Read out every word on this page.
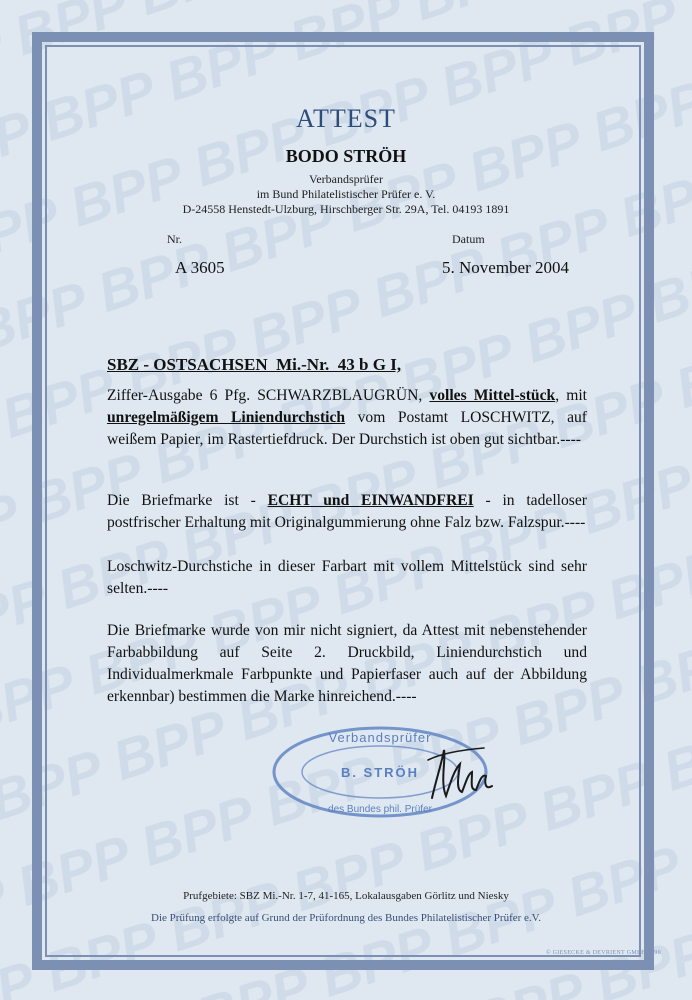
ATTEST
BODO STRÖH
Verbandsprüfer
im Bund Philatelistischer Prüfer e. V.
D-24558 Henstedt-Ulzburg, Hirschberger Str. 29A, Tel. 04193 1891
Nr.	Datum
A 3605	5. November 2004
SBZ - OSTSACHSEN  Mi.-Nr.  43 b G I,
Ziffer-Ausgabe 6 Pfg. SCHWARZBLAUGRÜN, volles Mittel-stück, mit unregelmäßigem Liniendurchstich vom Postamt LOSCHWITZ, auf weißem Papier, im Rastertiefdruck. Der Durchstich ist oben gut sichtbar.----
Die Briefmarke ist - ECHT und EINWANDFREI - in tadelloser postfrischer Erhaltung mit Originalgummierung ohne Falz bzw. Falzspur.----
Loschwitz-Durchstiche in dieser Farbart mit vollem Mittelstück sind sehr selten.----
Die Briefmarke wurde von mir nicht signiert, da Attest mit nebenstehender Farbabbildung auf Seite 2. Druckbild, Liniendurchstich und Individualmerkmale Farbpunkte und Papierfaser auch auf der Abbildung erkennbar) bestimmen die Marke hinreichend.----
Verbandsprüfer
B. STRÖH
des Bundes phil. Prüfer
Prufgebiete: SBZ Mi.-Nr. 1-7, 41-165, Lokalausgaben Görlitz und Niesky
Die Prüfung erfolgte auf Grund der Prüfordnung des Bundes Philatelistischer Prüfer e.V.
© GIESECKE & DEVRIENT GMBH 1990
